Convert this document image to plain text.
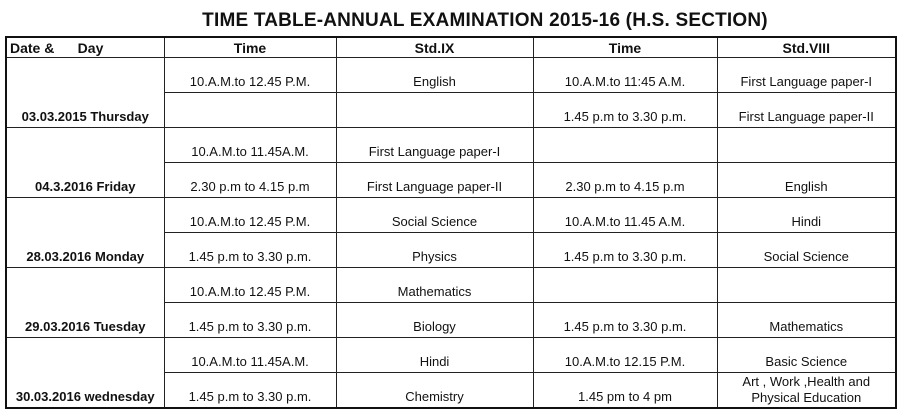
TIME TABLE-ANNUAL EXAMINATION 2015-16 (H.S. SECTION)
Date &      Day	Time	Std.IX	Time	Std.VIII
03.03.2015 Thursday	10.A.M.to 12.45 P.M.	English	10.A.M.to 11:45 A.M.	First Language paper-I
			1.45 p.m to 3.30 p.m.	First Language paper-II
04.3.2016 Friday	10.A.M.to 11.45A.M.	First Language paper-I		
	2.30 p.m to 4.15 p.m	First Language paper-II	2.30 p.m to 4.15 p.m	English
28.03.2016 Monday	10.A.M.to 12.45 P.M.	Social Science	10.A.M.to 11.45 A.M.	Hindi
	1.45 p.m to 3.30 p.m.	Physics	1.45 p.m to 3.30 p.m.	Social Science
29.03.2016 Tuesday	10.A.M.to 12.45 P.M.	Mathematics		
	1.45 p.m to 3.30 p.m.	Biology	1.45 p.m to 3.30 p.m.	Mathematics
30.03.2016 wednesday	10.A.M.to 11.45A.M.	Hindi	10.A.M.to 12.15 P.M.	Basic Science
	1.45 p.m to 3.30 p.m.	Chemistry	1.45 pm to 4 pm	Art , Work ,Health and Physical Education
